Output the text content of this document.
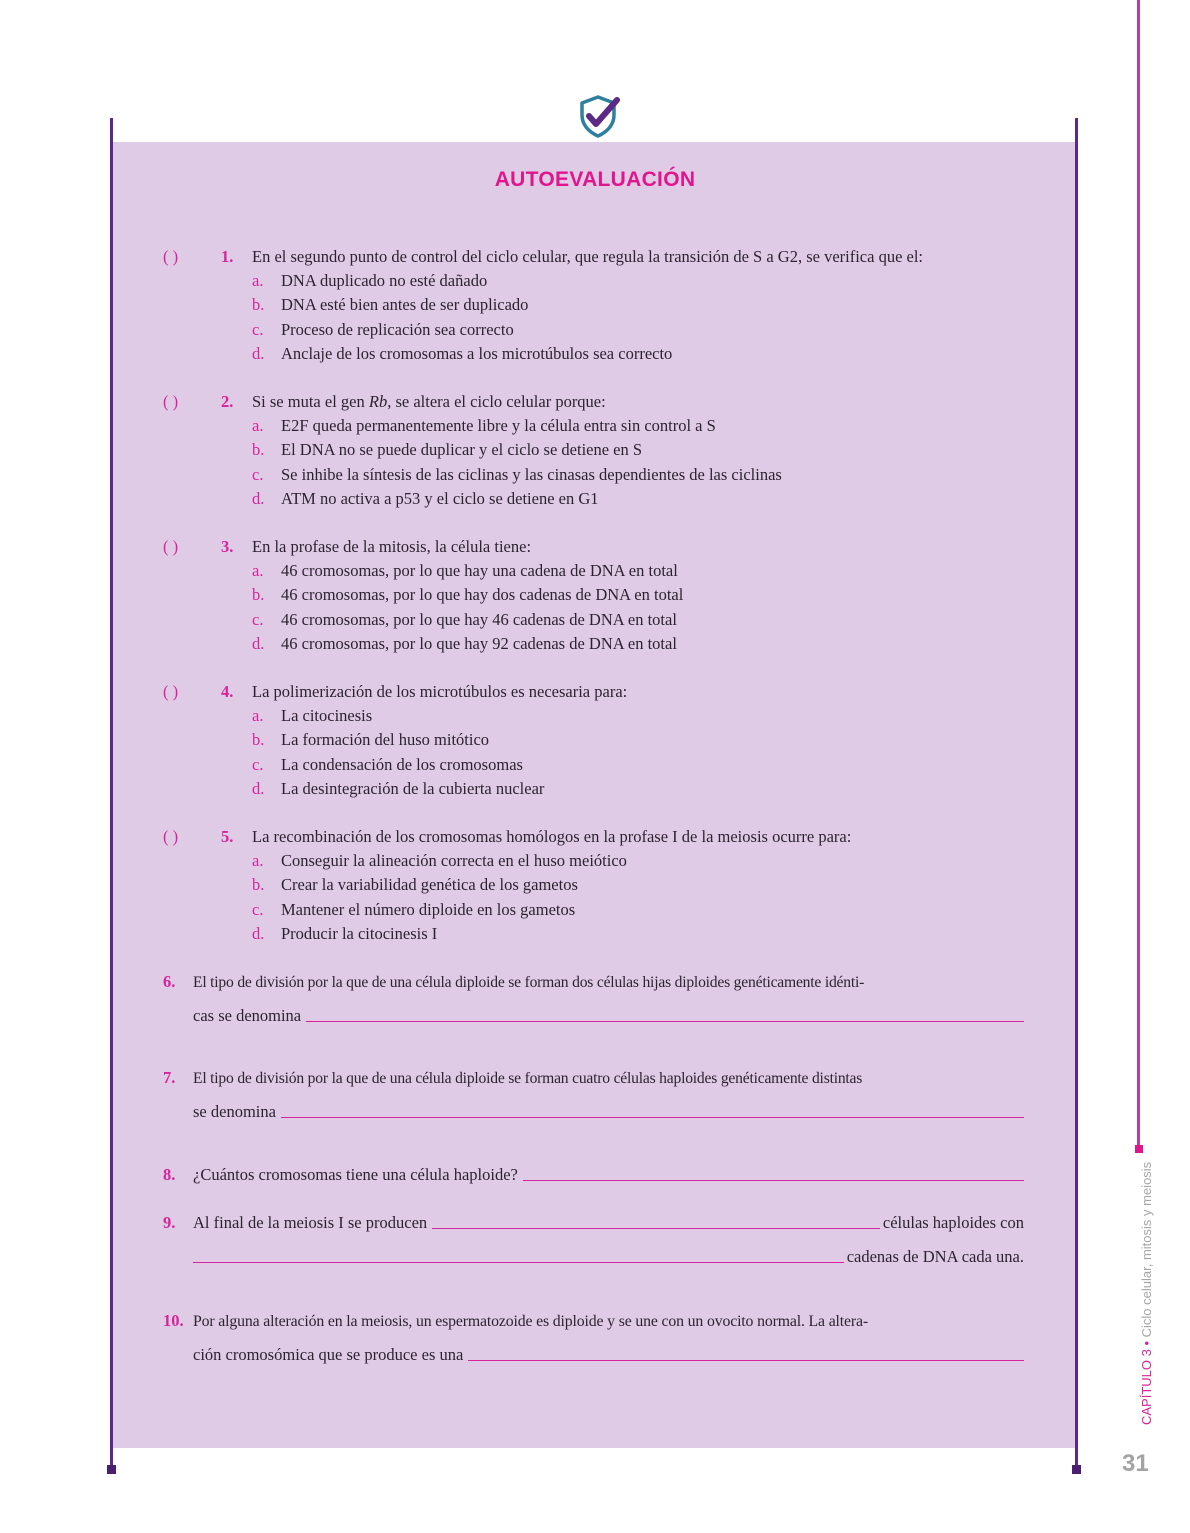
AUTOEVALUACIÓN
( )	1.	En el segundo punto de control del ciclo celular, que regula la transición de S a G2, se verifica que el:
a.	DNA duplicado no esté dañado
b.	DNA esté bien antes de ser duplicado
c.	Proceso de replicación sea correcto
d.	Anclaje de los cromosomas a los microtúbulos sea correcto
( )	2.	Si se muta el gen Rb, se altera el ciclo celular porque:
a.	E2F queda permanentemente libre y la célula entra sin control a S
b.	El DNA no se puede duplicar y el ciclo se detiene en S
c.	Se inhibe la síntesis de las ciclinas y las cinasas dependientes de las ciclinas
d.	ATM no activa a p53 y el ciclo se detiene en G1
( )	3.	En la profase de la mitosis, la célula tiene:
a.	46 cromosomas, por lo que hay una cadena de DNA en total
b.	46 cromosomas, por lo que hay dos cadenas de DNA en total
c.	46 cromosomas, por lo que hay 46 cadenas de DNA en total
d.	46 cromosomas, por lo que hay 92 cadenas de DNA en total
( )	4.	La polimerización de los microtúbulos es necesaria para:
a.	La citocinesis
b.	La formación del huso mitótico
c.	La condensación de los cromosomas
d.	La desintegración de la cubierta nuclear
( )	5.	La recombinación de los cromosomas homólogos en la profase I de la meiosis ocurre para:
a.	Conseguir la alineación correcta en el huso meiótico
b.	Crear la variabilidad genética de los gametos
c.	Mantener el número diploide en los gametos
d.	Producir la citocinesis I
6. El tipo de división por la que de una célula diploide se forman dos células hijas diploides genéticamente idénti-
cas se denomina
7. El tipo de división por la que de una célula diploide se forman cuatro células haploides genéticamente distintas
se denomina
8.	¿Cuántos cromosomas tiene una célula haploide?
9.	Al final de la meiosis I se producen	células haploides con
cadenas de DNA cada una.
10. Por alguna alteración en la meiosis, un espermatozoide es diploide y se une con un ovocito normal. La altera-
ción cromosómica que se produce es una	CAPÍTULO 3 • Ciclo celular, mitosis y meiosis
31
